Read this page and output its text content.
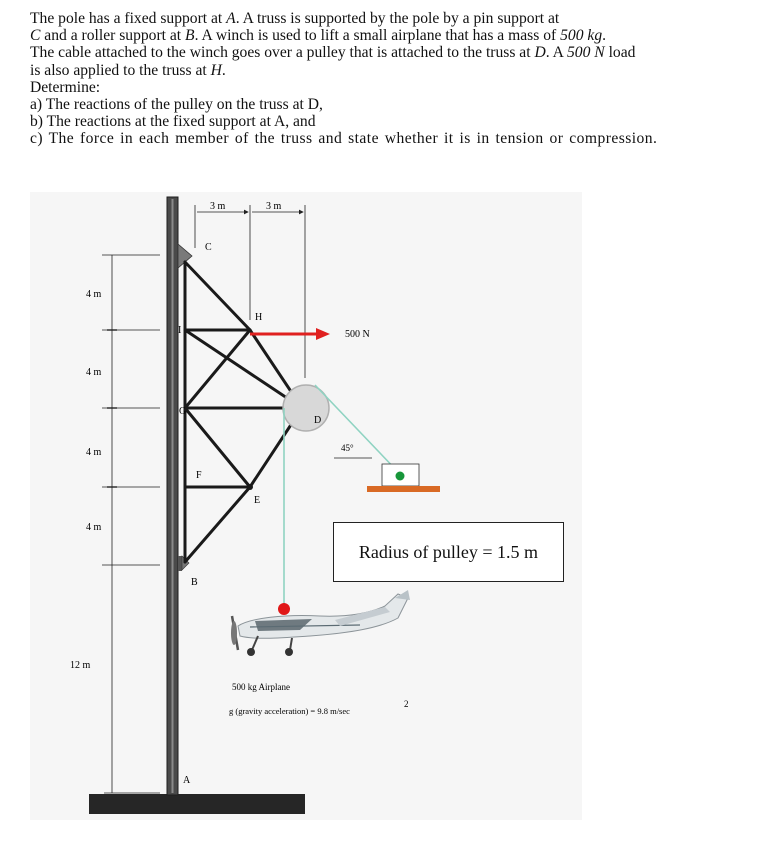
The pole has a fixed support at A. A truss is supported by the pole by a pin support at

C and a roller support at B. A winch is used to lift a small airplane that has a mass of 500 kg.

The cable attached to the winch goes over a pulley that is attached to the truss at D. A 500 N load

is also applied to the truss at H.

Determine:

a) The reactions of the pulley on the truss at D,

b) The reactions at the fixed support at A, and

c) The force in each member of the truss and state whether it is in tension or compression.

4 m
4 m
4 m
4 m
12 m
3 m	3 m
45°
500 N
C
H
I
G
D
F
E
B
A
500 kg Airplane
g (gravity acceleration) = 9.8 m/sec
2
Radius of pulley = 1.5 m
